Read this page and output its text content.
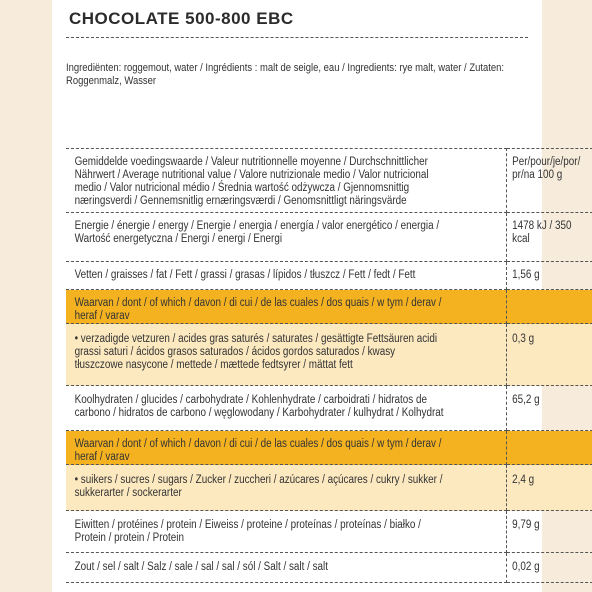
CHOCOLATE 500-800 EBC
Ingrediënten: roggemout, water / Ingrédients : malt de seigle, eau / Ingredients: rye malt, water / Zutaten: Roggenmalz, Wasser
Gemiddelde voedingswaarde / Valeur nutritionnelle moyenne / Durchschnittlicher Nährwert / Average nutritional value / Valore nutrizionale medio / Valor nutricional medio / Valor nutricional médio / Średnia wartość odżywcza / Gjennomsnittig næringsverdi / Gennemsnitlig ernæringsværdi / Genomsnittligt näringsvärde	Per/pour/je/por/ pr/na 100 g

Energie / énergie / energy / Energie / energia / energía / valor energético / energia / Wartość energetyczna / Energi / energi / Energi	1478 kJ / 350 kcal

Vetten / graisses / fat / Fett / grassi / grasas / lípidos / tłuszcz / Fett / fedt / Fett	1,56 g

Waarvan / dont / of which / davon / di cui / de las cuales / dos quais / w tym / derav / heraf / varav	

• verzadigde vetzuren / acides gras saturés / saturates / gesättigte Fettsäuren acidi grassi saturi / ácidos grasos saturados / ácidos gordos saturados / kwasy tłuszczowe nasycone / mettede / mættede fedtsyrer / mättat fett	0,3 g

Koolhydraten / glucides / carbohydrate / Kohlenhydrate / carboidrati / hidratos de carbono / hidratos de carbono / węglowodany / Karbohydrater / kulhydrat / Kolhydrat	65,2 g

Waarvan / dont / of which / davon / di cui / de las cuales / dos quais / w tym / derav / heraf / varav	

• suikers / sucres / sugars / Zucker / zuccheri / azúcares / açúcares / cukry / sukker / sukkerarter / sockerarter	2,4 g

Eiwitten / protéines / protein / Eiweiss / proteine / proteínas / proteínas / białko / Protein / protein / Protein	9,79 g

Zout / sel / salt / Salz / sale / sal / sal / sól / Salt / salt / salt	0,02 g
